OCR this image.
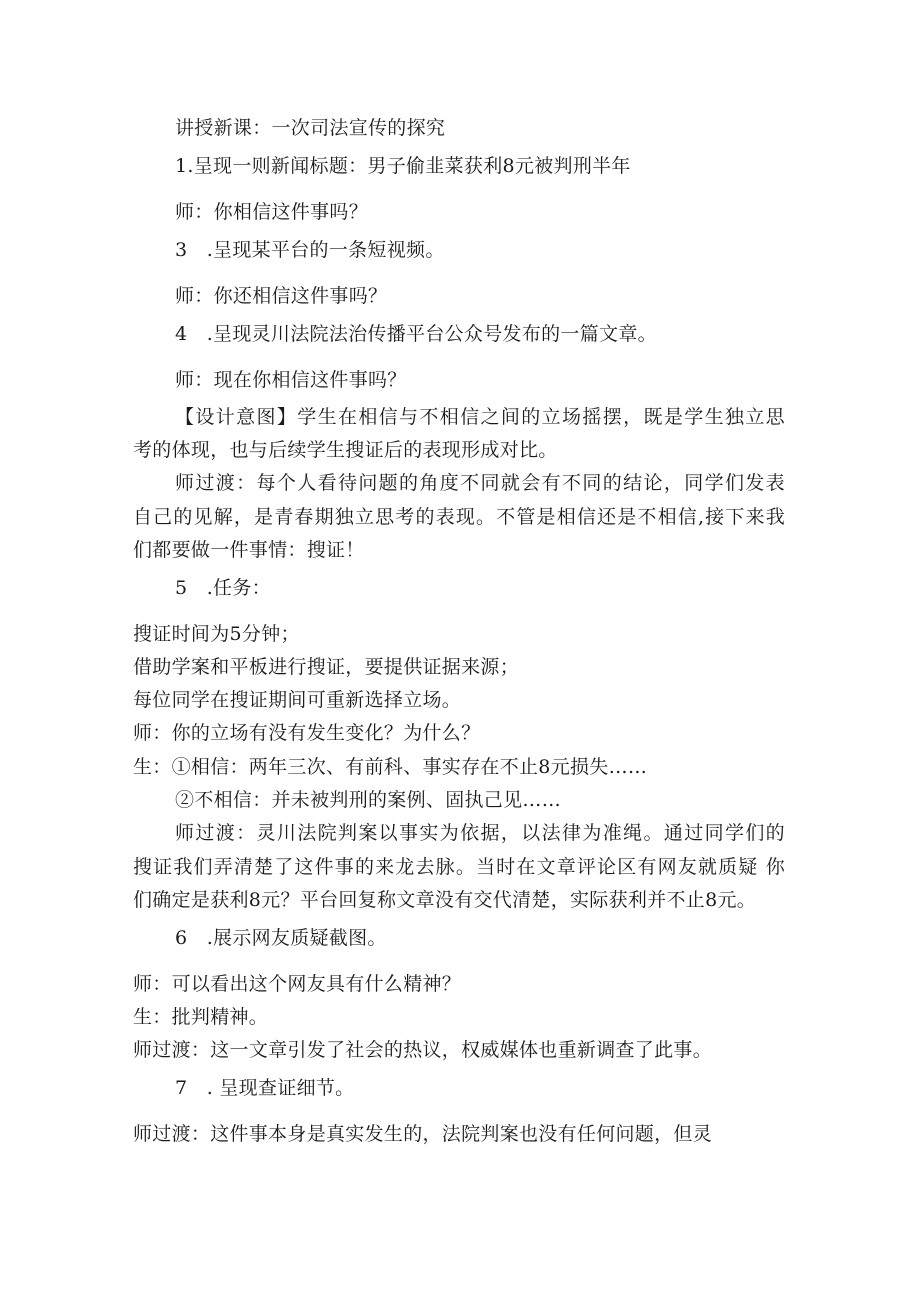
讲授新课：一次司法宣传的探究
1.呈现一则新闻标题：男子偷韭菜获利8元被判刑半年
师：你相信这件事吗？
3　.呈现某平台的一条短视频。
师：你还相信这件事吗？
4　.呈现灵川法院法治传播平台公众号发布的一篇文章。
师：现在你相信这件事吗？
【设计意图】学生在相信与不相信之间的立场摇摆，既是学生独立思
考的体现，也与后续学生搜证后的表现形成对比。
师过渡：每个人看待问题的角度不同就会有不同的结论，同学们发表
自己的见解，是青春期独立思考的表现。不管是相信还是不相信,接下来我
们都要做一件事情：搜证！
5　.任务：
搜证时间为5分钟；
借助学案和平板进行搜证，要提供证据来源；
每位同学在搜证期间可重新选择立场。
师：你的立场有没有发生变化？为什么？
生：①相信：两年三次、有前科、事实存在不止8元损失……
②不相信：并未被判刑的案例、固执己见……
师过渡：灵川法院判案以事实为依据，以法律为准绳。通过同学们的
搜证我们弄清楚了这件事的来龙去脉。当时在文章评论区有网友就质疑 你
们确定是获利8元？平台回复称文章没有交代清楚，实际获利并不止8元。
6　.展示网友质疑截图。
师：可以看出这个网友具有什么精神？
生：批判精神。
师过渡：这一文章引发了社会的热议，权威媒体也重新调查了此事。
7　. 呈现查证细节。
师过渡：这件事本身是真实发生的，法院判案也没有任何问题，但灵
